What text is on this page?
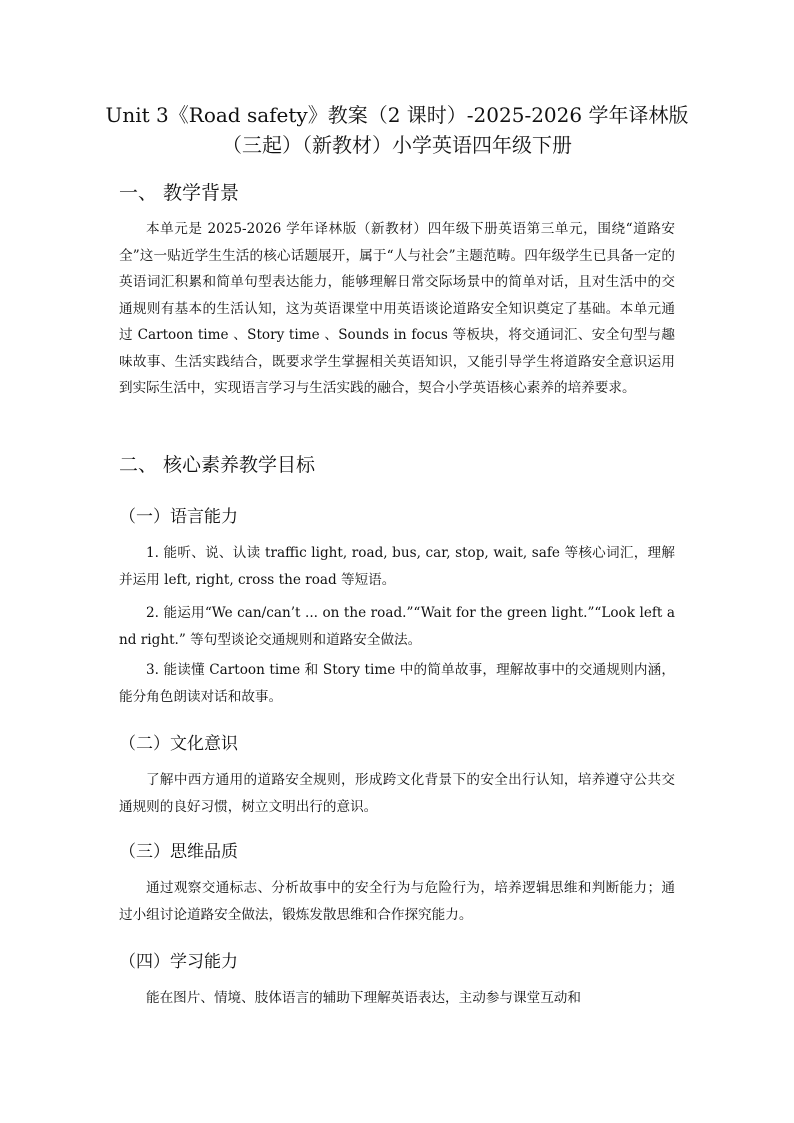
Unit 3《Road safety》教案（2 课时）-2025-2026 学年译林版
（三起）（新教材）小学英语四年级下册
一、 教学背景

本单元是 2025-2026 学年译林版（新教材）四年级下册英语第三单元，围绕“道路安全”这一贴近学生生活的核心话题展开，属于“人与社会”主题范畴。四年级学生已具备一定的英语词汇积累和简单句型表达能力，能够理解日常交际场景中的简单对话，且对生活中的交通规则有基本的生活认知，这为英语课堂中用英语谈论道路安全知识奠定了基础。本单元通过 Cartoon time 、Story time 、Sounds in focus 等板块，将交通词汇、安全句型与趣味故事、生活实践结合，既要求学生掌握相关英语知识，又能引导学生将道路安全意识运用到实际生活中，实现语言学习与生活实践的融合，契合小学英语核心素养的培养要求。

二、 核心素养教学目标
（一）语言能力

1. 能听、说、认读 traffic light, road, bus, car, stop, wait, safe 等核心词汇，理解并运用 left, right, cross the road 等短语。

2. 能运用“We can/can’t ... on the road.”“Wait for the green light.”“Look left and right.” 等句型谈论交通规则和道路安全做法。

3. 能读懂 Cartoon time 和 Story time 中的简单故事，理解故事中的交通规则内涵，能分角色朗读对话和故事。

（二）文化意识

了解中西方通用的道路安全规则，形成跨文化背景下的安全出行认知，培养遵守公共交通规则的良好习惯，树立文明出行的意识。

（三）思维品质

通过观察交通标志、分析故事中的安全行为与危险行为，培养逻辑思维和判断能力；通过小组讨论道路安全做法，锻炼发散思维和合作探究能力。

（四）学习能力

能在图片、情境、肢体语言的辅助下理解英语表达，主动参与课堂互动和
